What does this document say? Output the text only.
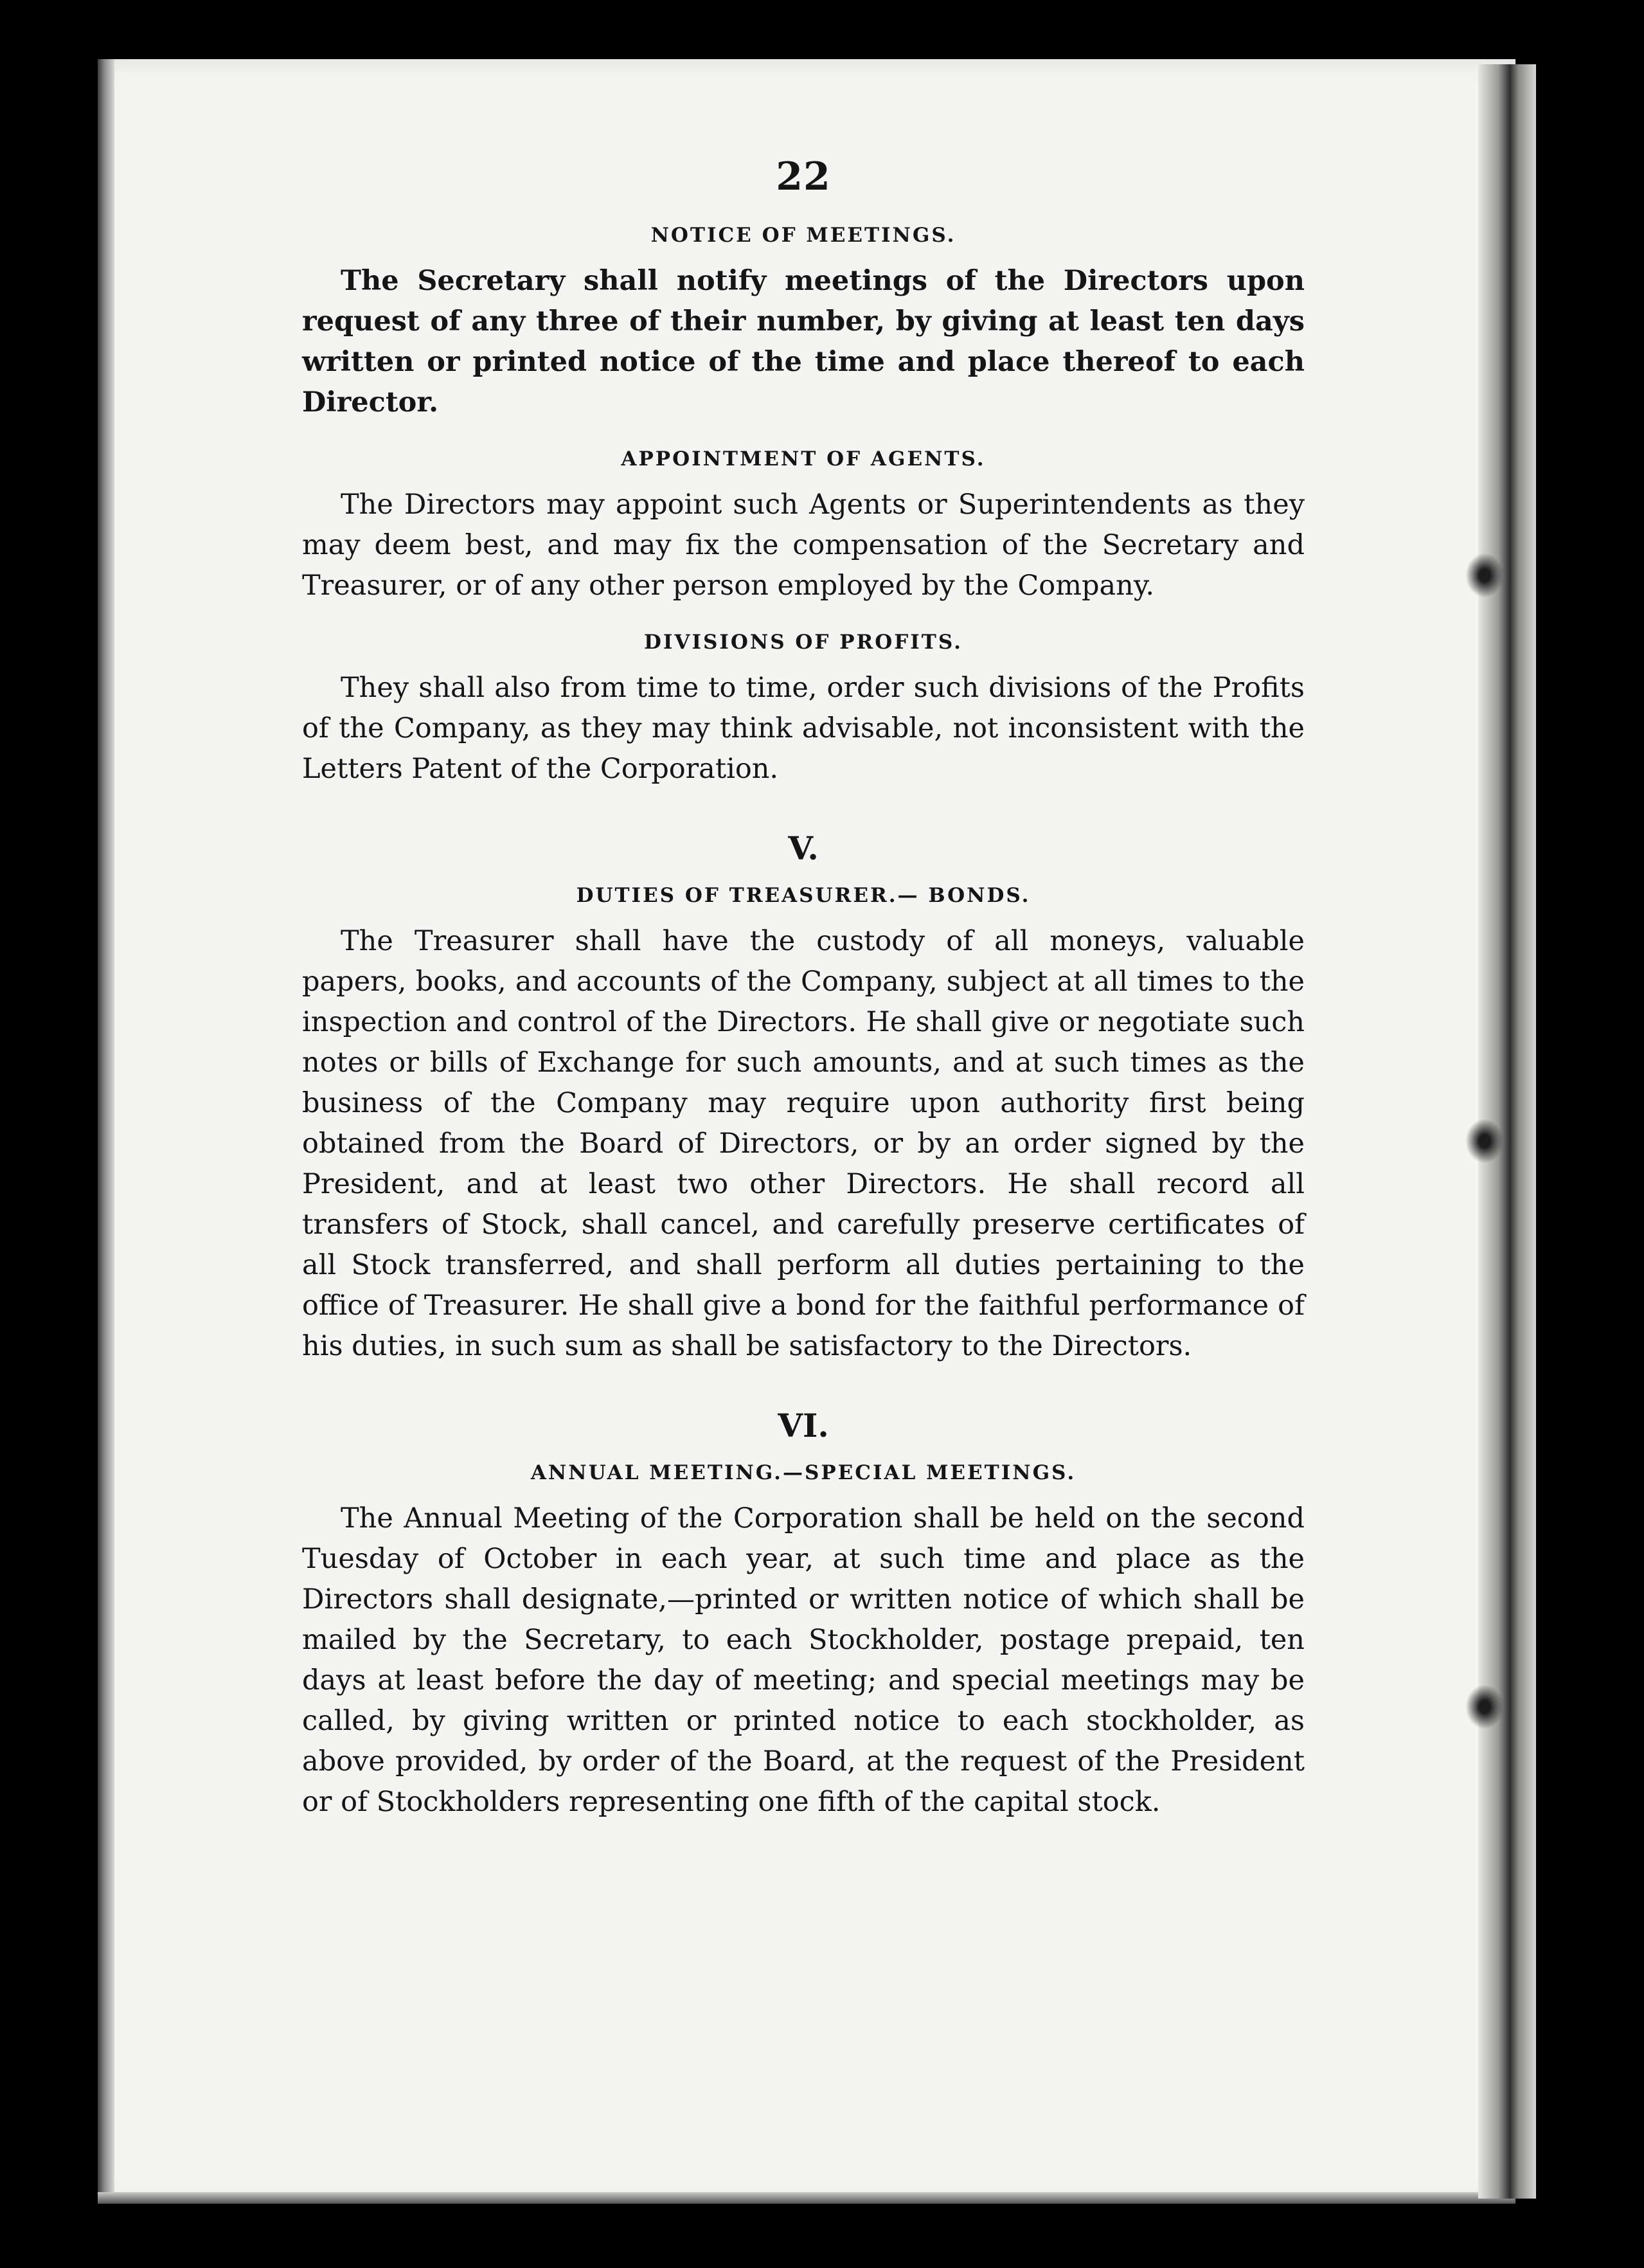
22
NOTICE OF MEETINGS.

The Secretary shall notify meetings of the Directors upon request of any three of their number, by giving at least ten days written or printed notice of the time and place thereof to each Director.

APPOINTMENT OF AGENTS.

The Directors may appoint such Agents or Superintendents as they may deem best, and may fix the compensation of the Secretary and Treasurer, or of any other person employed by the Company.

DIVISIONS OF PROFITS.

They shall also from time to time, order such divisions of the Profits of the Company, as they may think advisable, not inconsistent with the Letters Patent of the Corporation.

V.
DUTIES OF TREASURER.— BONDS.

The Treasurer shall have the custody of all moneys, valuable papers, books, and accounts of the Company, subject at all times to the inspection and control of the Directors. He shall give or negotiate such notes or bills of Exchange for such amounts, and at such times as the business of the Company may require upon authority first being obtained from the Board of Directors, or by an order signed by the President, and at least two other Directors. He shall record all transfers of Stock, shall cancel, and carefully preserve certificates of all Stock transferred, and shall perform all duties pertaining to the office of Treasurer. He shall give a bond for the faithful performance of his duties, in such sum as shall be satisfactory to the Directors.

VI.
ANNUAL MEETING.—SPECIAL MEETINGS.

The Annual Meeting of the Corporation shall be held on the second Tuesday of October in each year, at such time and place as the Directors shall designate,—printed or written notice of which shall be mailed by the Secretary, to each Stockholder, postage prepaid, ten days at least before the day of meeting; and special meetings may be called, by giving written or printed notice to each stockholder, as above provided, by order of the Board, at the request of the President or of Stockholders representing one fifth of the capital stock.
